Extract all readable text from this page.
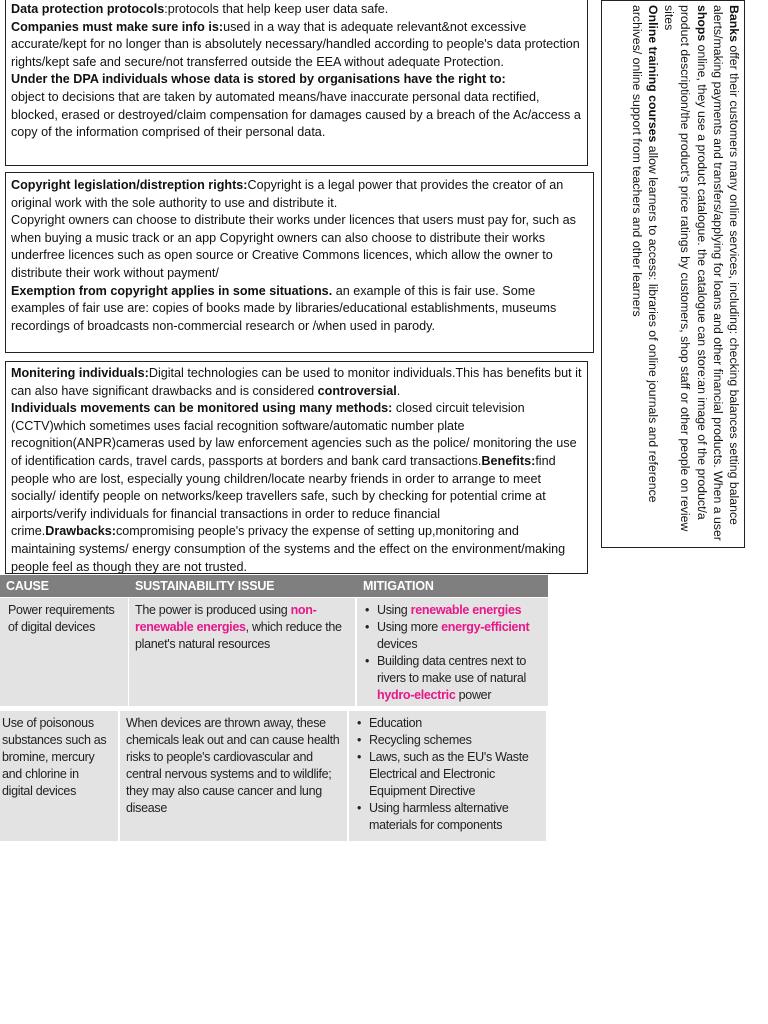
Data protection protocols:protocols that help keep user data safe.
Companies must make sure info is:used in a way that is adequate relevant&not excessive accurate/kept for no longer than is absolutely necessary/handled according to people's data protection rights/kept safe and secure/not transferred outside the EEA without adequate Protection.
Under the DPA individuals whose data is stored by organisations have the right to:
object to decisions that are taken by automated means/have inaccurate personal data rectified, blocked, erased or destroyed/claim compensation for damages caused by a breach of the Ac/access a copy of the information comprised of their personal data.
Copyright legislation/distreption rights:Copyright is a legal power that provides the creator of an original work with the sole authority to use and distribute it.
Copyright owners can choose to distribute their works under licences that users must pay for, such as when buying a music track or an app Copyright owners can also choose to distribute their works underfree licences such as open source or Creative Commons licences, which allow the owner to distribute their work without payment/
Exemption from copyright applies in some situations. an example of this is fair use. Some examples of fair use are: copies of books made by libraries/educational establishments, museums recordings of broadcasts non-commercial research or /when used in parody.
Monitering individuals:Digital technologies can be used to monitor individuals.This has benefits but it can also have significant drawbacks and is considered controversial.
Individuals movements can be monitored using many methods: closed circuit television (CCTV)which sometimes uses facial recognition software/automatic number plate recognition(ANPR)cameras used by law enforcement agencies such as the police/ monitoring the use of identification cards, travel cards, passports at borders and bank card transactions.Benefits:find people who are lost, especially young children/locate nearby friends in order to arrange to meet socially/ identify people on networks/keep travellers safe, such by checking for potential crime at airports/verify individuals for financial transactions in order to reduce financial crime.Drawbacks:compromising people's privacy the expense of setting up,monitoring and maintaining systems/ energy consumption of the systems and the effect on the environment/making people feel as though they are not trusted.
Banks offer their customers many online services, including: checking balances setting balance alerts/making payments and transfers/applying for loans and other financial products. When a user shops online, they use a product catalogue. the catalogue can store:an image of the product/a product description/the product's price ratings by customers, shop staff or other people on review sites
Online training courses allow learners to access: libraries of online journals and reference archives/ online support from teachers and other learners
CAUSE	SUSTAINABILITY ISSUE	MITIGATION
Power requirements of digital devices
The power is produced using non-renewable energies, which reduce the planet's natural resources
• Using renewable energies
• Using more energy-efficient devices
• Building data centres next to rivers to make use of natural hydro-electric power
Use of poisonous substances such as bromine, mercury and chlorine in digital devices
When devices are thrown away, these chemicals leak out and can cause health risks to people's cardiovascular and central nervous systems and to wildlife; they may also cause cancer and lung disease
• Education
• Recycling schemes
• Laws, such as the EU's Waste Electrical and Electronic Equipment Directive
• Using harmless alternative materials for components
